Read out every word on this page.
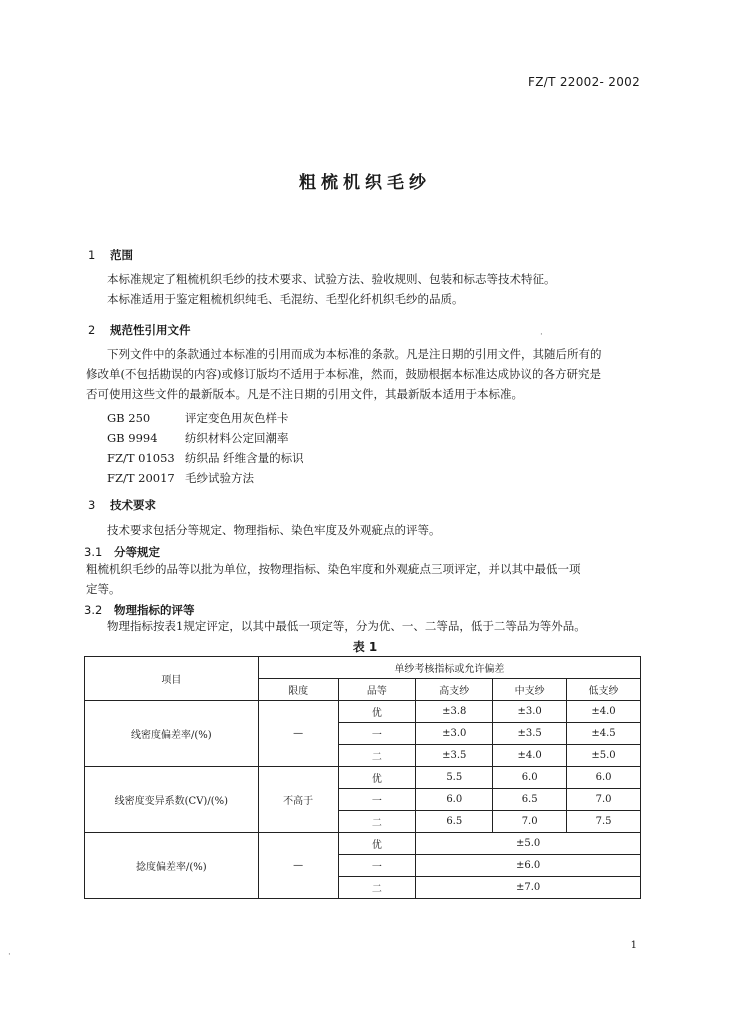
FZ/T 22002- 2002
粗梳机织毛纱
1 范围
本标准规定了粗梳机织毛纱的技术要求、试验方法、验收规则、包装和标志等技术特征。
本标准适用于鉴定粗梳机织纯毛、毛混纺、毛型化纤机织毛纱的品质。
2 规范性引用文件
下列文件中的条款通过本标准的引用而成为本标准的条款。凡是注日期的引用文件，其随后所有的
修改单(不包括勘误的内容)或修订版均不适用于本标准，然而，鼓励根据本标准达成协议的各方研究是
否可使用这些文件的最新版本。凡是不注日期的引用文件，其最新版本适用于本标准。
GB 250	评定变色用灰色样卡
GB 9994 纺织材料公定回潮率
FZ/T 01053 纺织品 纤维含量的标识
FZ/T 20017 毛纱试验方法
3 技术要求
技术要求包括分等规定、物理指标、染色牢度及外观疵点的评等。
3.1 分等规定
粗梳机织毛纱的品等以批为单位，按物理指标、染色牢度和外观疵点三项评定，并以其中最低一项
定等。
3.2 物理指标的评等
物理指标按表1规定评定，以其中最低一项定等，分为优、一、二等品，低于二等品为等外品。
表 1
项目	单纱考核指标或允许偏差				
	限度	品等	高支纱	中支纱	低支纱
线密度偏差率/(%)	—	优	±3.8	±3.0	±4.0
		一	±3.0	±3.5	±4.5
		二	±3.5	±4.0	±5.0
线密度变异系数(CV)/(%)	不高于	优	5.5	6.0	6.0
		一	6.0	6.5	7.0
		二	6.5	7.0	7.5
捻度偏差率/(%)	—	优	±5.0		
		一	±6.0		
		二	±7.0		
1
·
·
